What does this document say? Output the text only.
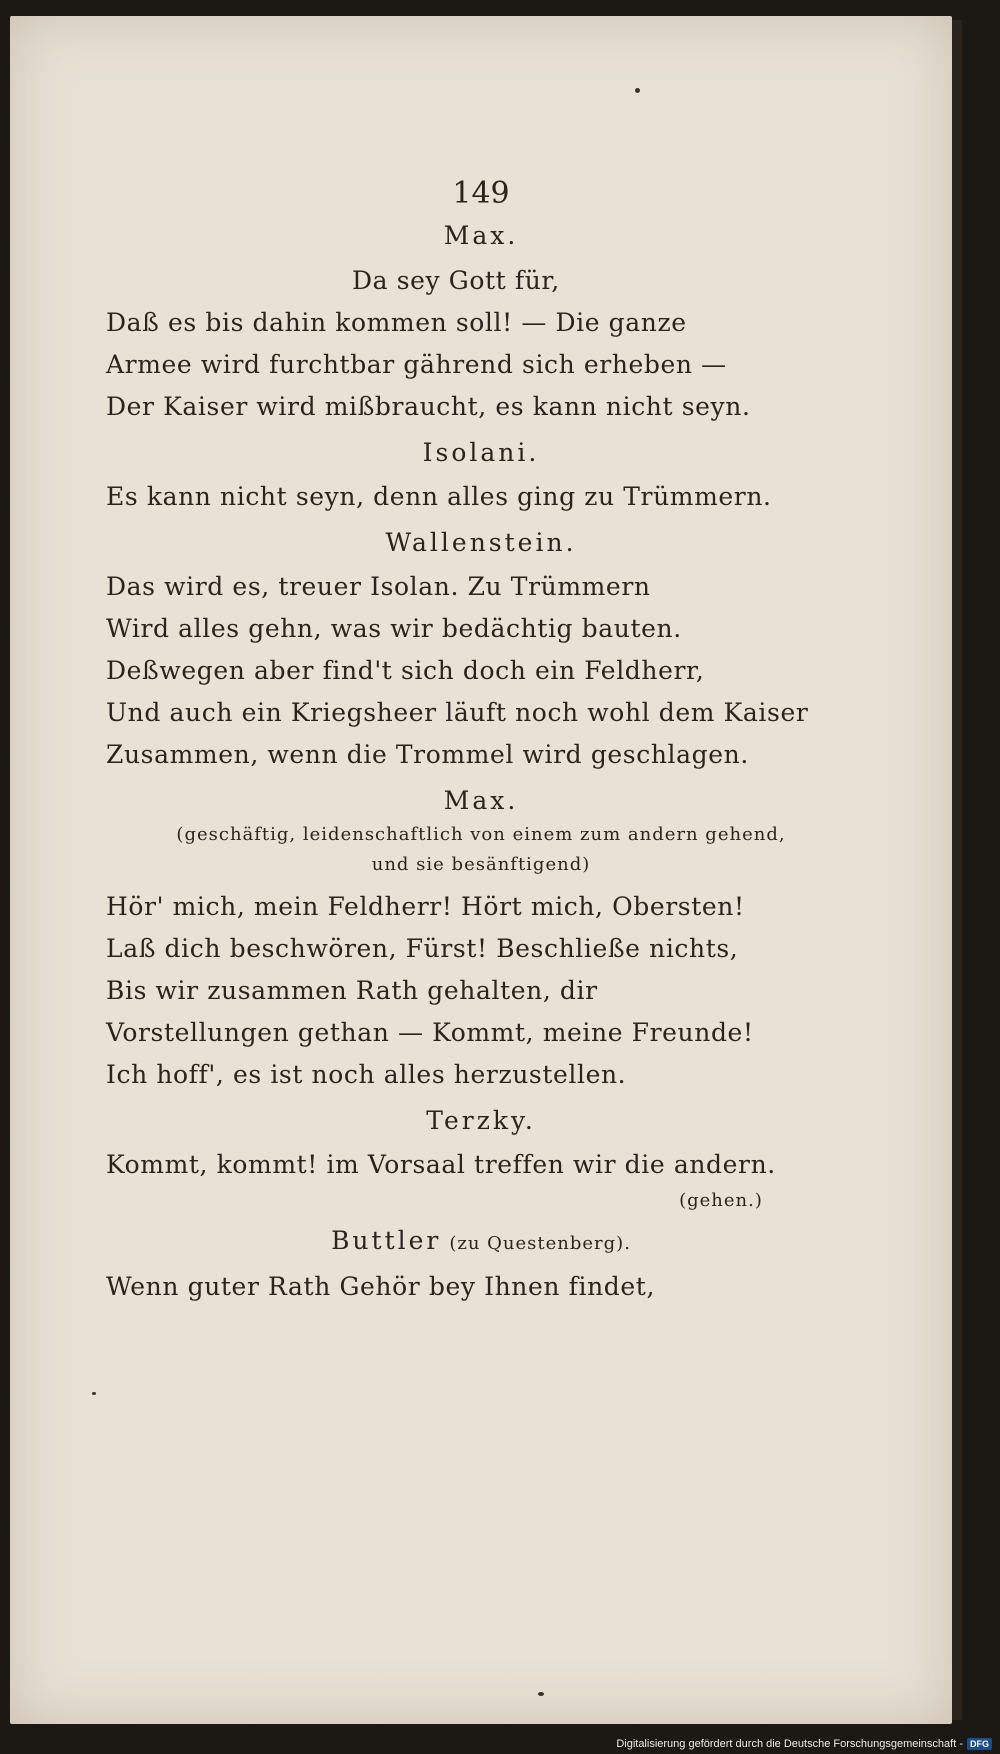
149
Max.
Da sey Gott für,
Daß es bis dahin kommen soll! — Die ganze
Armee wird furchtbar gährend sich erheben —
Der Kaiser wird mißbraucht, es kann nicht seyn.
Isolani.
Es kann nicht seyn, denn alles ging zu Trümmern.
Wallenstein.
Das wird es, treuer Isolan. Zu Trümmern
Wird alles gehn, was wir bedächtig bauten.
Deßwegen aber find't sich doch ein Feldherr,
Und auch ein Kriegsheer läuft noch wohl dem Kaiser
Zusammen, wenn die Trommel wird geschlagen.
Max.
(geschäftig, leidenschaftlich von einem zum andern gehend,
und sie besänftigend)
Hör' mich, mein Feldherr! Hört mich, Obersten!
Laß dich beschwören, Fürst! Beschließe nichts,
Bis wir zusammen Rath gehalten, dir
Vorstellungen gethan — Kommt, meine Freunde!
Ich hoff', es ist noch alles herzustellen.
Terzky.
Kommt, kommt! im Vorsaal treffen wir die andern.
(gehen.)
Buttler (zu Questenberg).
Wenn guter Rath Gehör bey Ihnen findet,
Digitalisierung gefördert durch die Deutsche Forschungsgemeinschaft - DFG
